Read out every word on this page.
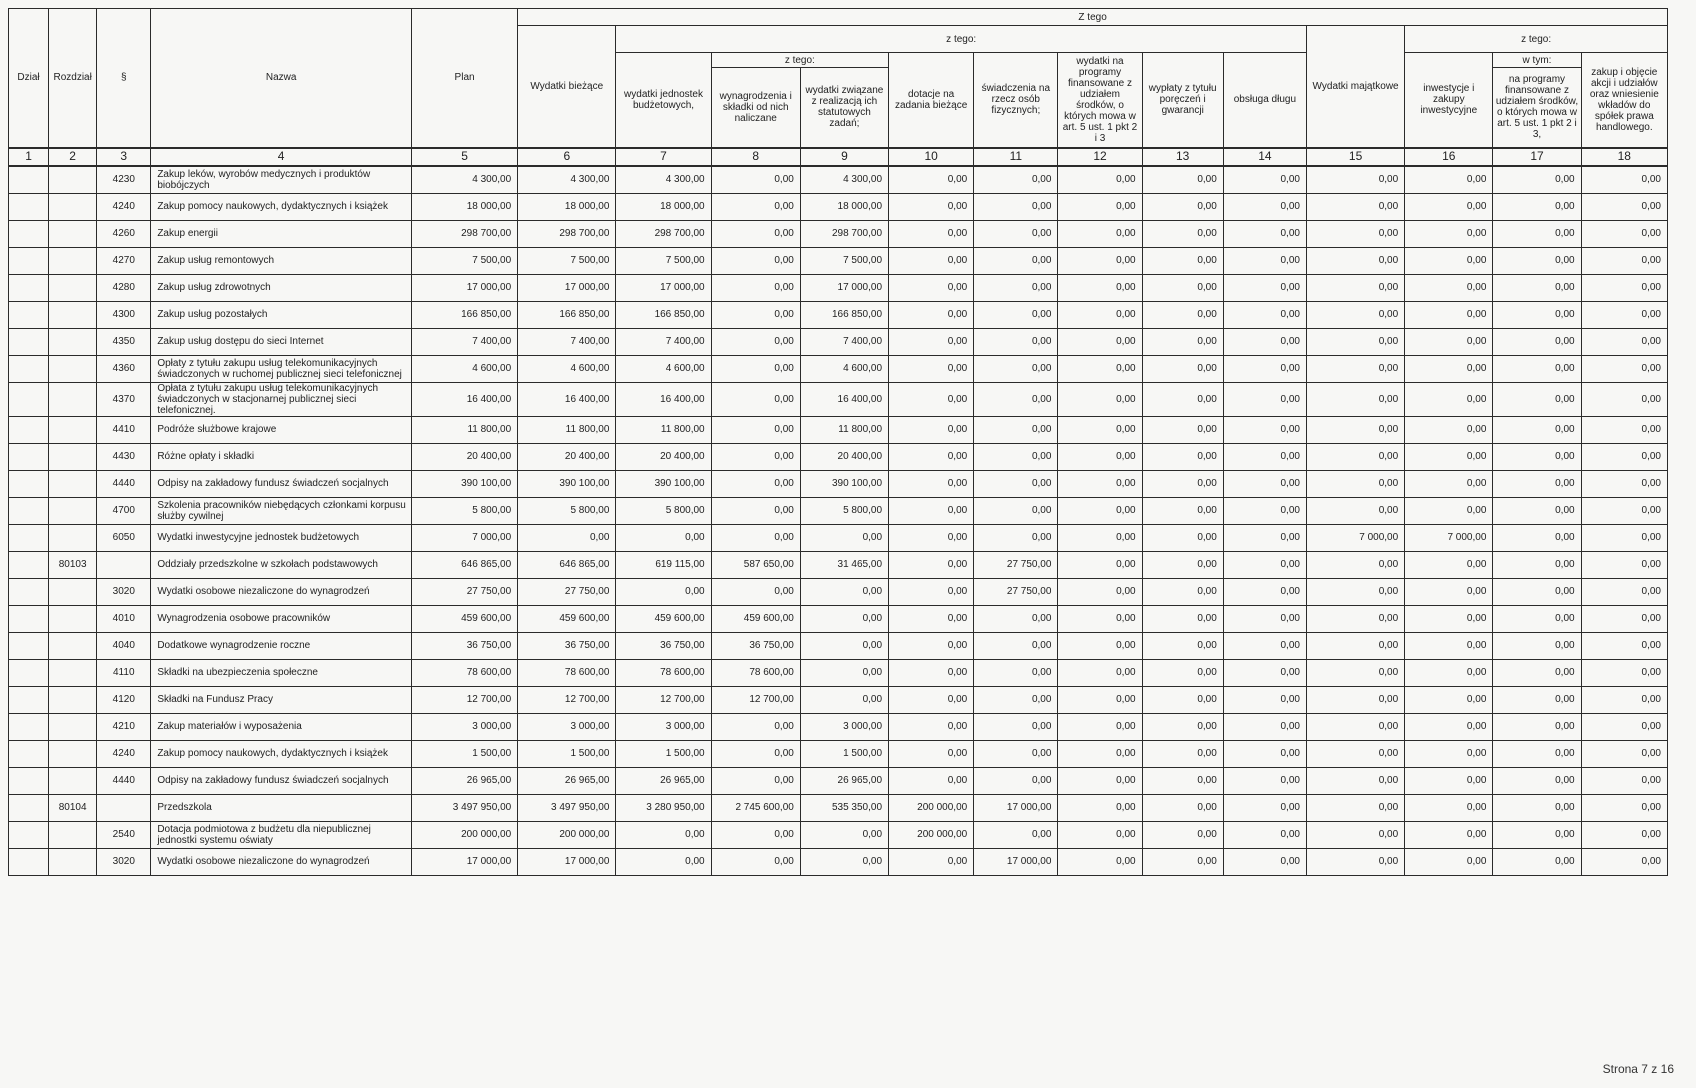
Dział	Rozdział	§	Nazwa	Plan	Z tego												
					Wydatki bieżące	z tego:								Wydatki majątkowe	z tego:		
						wydatki jednostek budżetowych,	z tego:		dotacje na zadania bieżące	świadczenia na rzecz osób fizycznych;	wydatki na programy finansowane z udziałem środków, o których mowa w art. 5 ust. 1 pkt 2 i 3	wypłaty z tytułu poręczeń i gwarancji	obsługa długu		inwestycje i zakupy inwestycyjne	w tym:	zakup i objęcie akcji i udziałów oraz wniesienie wkładów do spółek prawa handlowego.
							wynagrodzenia i składki od nich naliczane	wydatki związane z realizacją ich statutowych zadań;								na programy finansowane z udziałem środków, o których mowa w art. 5 ust. 1 pkt 2 i 3,	

1	2	3	4	5	6	7	8	9	10	11	12	13	14	15	16	17	18
		4230	Zakup leków, wyrobów medycznych i produktów biobójczych	4 300,00	4 300,00	4 300,00	0,00	4 300,00	0,00	0,00	0,00	0,00	0,00	0,00	0,00	0,00	0,00
		4240	Zakup pomocy naukowych, dydaktycznych i książek	18 000,00	18 000,00	18 000,00	0,00	18 000,00	0,00	0,00	0,00	0,00	0,00	0,00	0,00	0,00	0,00
		4260	Zakup energii	298 700,00	298 700,00	298 700,00	0,00	298 700,00	0,00	0,00	0,00	0,00	0,00	0,00	0,00	0,00	0,00
		4270	Zakup usług remontowych	7 500,00	7 500,00	7 500,00	0,00	7 500,00	0,00	0,00	0,00	0,00	0,00	0,00	0,00	0,00	0,00
		4280	Zakup usług zdrowotnych	17 000,00	17 000,00	17 000,00	0,00	17 000,00	0,00	0,00	0,00	0,00	0,00	0,00	0,00	0,00	0,00
		4300	Zakup usług pozostałych	166 850,00	166 850,00	166 850,00	0,00	166 850,00	0,00	0,00	0,00	0,00	0,00	0,00	0,00	0,00	0,00
		4350	Zakup usług dostępu do sieci Internet	7 400,00	7 400,00	7 400,00	0,00	7 400,00	0,00	0,00	0,00	0,00	0,00	0,00	0,00	0,00	0,00
		4360	Opłaty z tytułu zakupu usług telekomunikacyjnych świadczonych w ruchomej publicznej sieci telefonicznej	4 600,00	4 600,00	4 600,00	0,00	4 600,00	0,00	0,00	0,00	0,00	0,00	0,00	0,00	0,00	0,00
		4370	Opłata z tytułu zakupu usług telekomunikacyjnych świadczonych w stacjonarnej publicznej sieci telefonicznej.	16 400,00	16 400,00	16 400,00	0,00	16 400,00	0,00	0,00	0,00	0,00	0,00	0,00	0,00	0,00	0,00
		4410	Podróże służbowe krajowe	11 800,00	11 800,00	11 800,00	0,00	11 800,00	0,00	0,00	0,00	0,00	0,00	0,00	0,00	0,00	0,00
		4430	Różne opłaty i składki	20 400,00	20 400,00	20 400,00	0,00	20 400,00	0,00	0,00	0,00	0,00	0,00	0,00	0,00	0,00	0,00
		4440	Odpisy na zakładowy fundusz świadczeń socjalnych	390 100,00	390 100,00	390 100,00	0,00	390 100,00	0,00	0,00	0,00	0,00	0,00	0,00	0,00	0,00	0,00
		4700	Szkolenia pracowników niebędących członkami korpusu służby cywilnej	5 800,00	5 800,00	5 800,00	0,00	5 800,00	0,00	0,00	0,00	0,00	0,00	0,00	0,00	0,00	0,00
		6050	Wydatki inwestycyjne jednostek budżetowych	7 000,00	0,00	0,00	0,00	0,00	0,00	0,00	0,00	0,00	0,00	7 000,00	7 000,00	0,00	0,00
	80103		Oddziały przedszkolne w szkołach podstawowych	646 865,00	646 865,00	619 115,00	587 650,00	31 465,00	0,00	27 750,00	0,00	0,00	0,00	0,00	0,00	0,00	0,00
		3020	Wydatki osobowe niezaliczone do wynagrodzeń	27 750,00	27 750,00	0,00	0,00	0,00	0,00	27 750,00	0,00	0,00	0,00	0,00	0,00	0,00	0,00
		4010	Wynagrodzenia osobowe pracowników	459 600,00	459 600,00	459 600,00	459 600,00	0,00	0,00	0,00	0,00	0,00	0,00	0,00	0,00	0,00	0,00
		4040	Dodatkowe wynagrodzenie roczne	36 750,00	36 750,00	36 750,00	36 750,00	0,00	0,00	0,00	0,00	0,00	0,00	0,00	0,00	0,00	0,00
		4110	Składki na ubezpieczenia społeczne	78 600,00	78 600,00	78 600,00	78 600,00	0,00	0,00	0,00	0,00	0,00	0,00	0,00	0,00	0,00	0,00
		4120	Składki na Fundusz Pracy	12 700,00	12 700,00	12 700,00	12 700,00	0,00	0,00	0,00	0,00	0,00	0,00	0,00	0,00	0,00	0,00
		4210	Zakup materiałów i wyposażenia	3 000,00	3 000,00	3 000,00	0,00	3 000,00	0,00	0,00	0,00	0,00	0,00	0,00	0,00	0,00	0,00
		4240	Zakup pomocy naukowych, dydaktycznych i książek	1 500,00	1 500,00	1 500,00	0,00	1 500,00	0,00	0,00	0,00	0,00	0,00	0,00	0,00	0,00	0,00
		4440	Odpisy na zakładowy fundusz świadczeń socjalnych	26 965,00	26 965,00	26 965,00	0,00	26 965,00	0,00	0,00	0,00	0,00	0,00	0,00	0,00	0,00	0,00
	80104		Przedszkola	3 497 950,00	3 497 950,00	3 280 950,00	2 745 600,00	535 350,00	200 000,00	17 000,00	0,00	0,00	0,00	0,00	0,00	0,00	0,00
		2540	Dotacja podmiotowa z budżetu dla niepublicznej jednostki systemu oświaty	200 000,00	200 000,00	0,00	0,00	0,00	200 000,00	0,00	0,00	0,00	0,00	0,00	0,00	0,00	0,00
		3020	Wydatki osobowe niezaliczone do wynagrodzeń	17 000,00	17 000,00	0,00	0,00	0,00	0,00	17 000,00	0,00	0,00	0,00	0,00	0,00	0,00	0,00
Strona 7 z 16
